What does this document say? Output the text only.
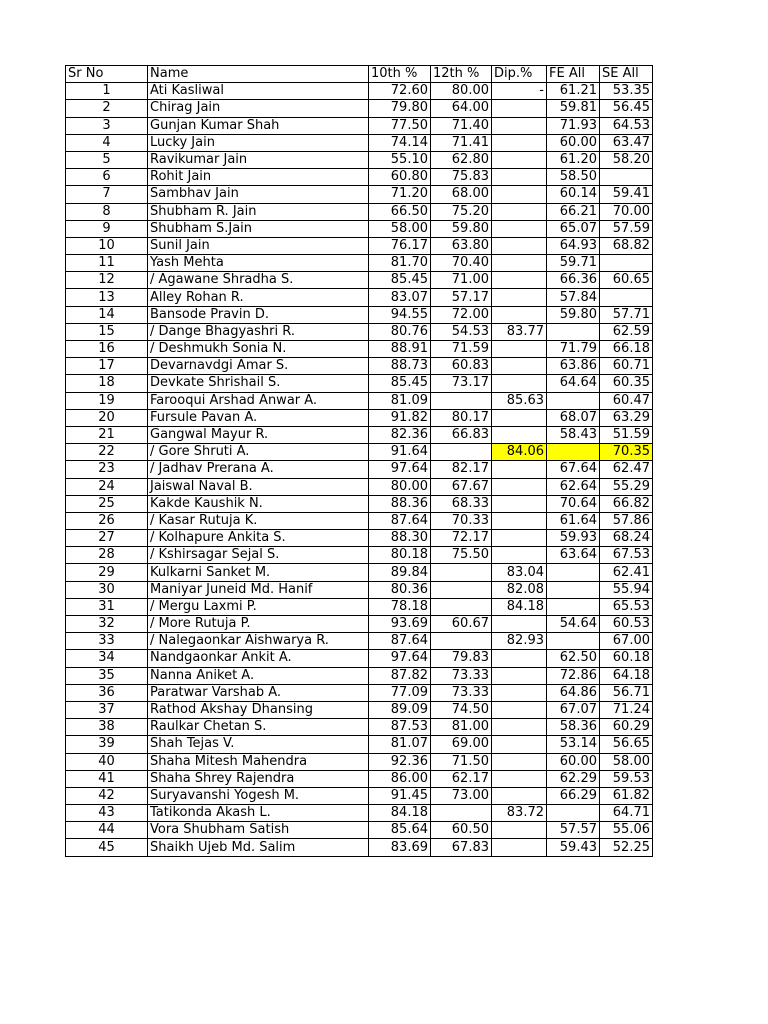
Sr No	Name	10th %	12th %	Dip.%	FE All	SE All
1	Ati Kasliwal	72.60	80.00	-	61.21	53.35
2	Chirag Jain	79.80	64.00		59.81	56.45
3	Gunjan Kumar Shah	77.50	71.40		71.93	64.53
4	Lucky Jain	74.14	71.41		60.00	63.47
5	Ravikumar Jain	55.10	62.80		61.20	58.20
6	Rohit Jain	60.80	75.83		58.50	
7	Sambhav Jain	71.20	68.00		60.14	59.41
8	Shubham R. Jain	66.50	75.20		66.21	70.00
9	Shubham S.Jain	58.00	59.80		65.07	57.59
10	Sunil Jain	76.17	63.80		64.93	68.82
11	Yash Mehta	81.70	70.40		59.71	
12	/ Agawane Shradha S.	85.45	71.00		66.36	60.65
13	Alley Rohan R.	83.07	57.17		57.84	
14	Bansode Pravin D.	94.55	72.00		59.80	57.71
15	/ Dange Bhagyashri R.	80.76	54.53	83.77		62.59
16	/ Deshmukh Sonia N.	88.91	71.59		71.79	66.18
17	Devarnavdgi Amar S.	88.73	60.83		63.86	60.71
18	Devkate Shrishail S.	85.45	73.17		64.64	60.35
19	Farooqui Arshad Anwar A.	81.09		85.63		60.47
20	Fursule Pavan A.	91.82	80.17		68.07	63.29
21	Gangwal Mayur R.	82.36	66.83		58.43	51.59
22	/ Gore Shruti A.	91.64		84.06		70.35
23	/ Jadhav Prerana A.	97.64	82.17		67.64	62.47
24	Jaiswal Naval B.	80.00	67.67		62.64	55.29
25	Kakde Kaushik N.	88.36	68.33		70.64	66.82
26	/ Kasar Rutuja K.	87.64	70.33		61.64	57.86
27	/ Kolhapure Ankita S.	88.30	72.17		59.93	68.24
28	/ Kshirsagar Sejal S.	80.18	75.50		63.64	67.53
29	Kulkarni Sanket M.	89.84		83.04		62.41
30	Maniyar Juneid Md. Hanif	80.36		82.08		55.94
31	/ Mergu Laxmi P.	78.18		84.18		65.53
32	/ More Rutuja P.	93.69	60.67		54.64	60.53
33	/ Nalegaonkar Aishwarya R.	87.64		82.93		67.00
34	Nandgaonkar Ankit A.	97.64	79.83		62.50	60.18
35	Nanna Aniket A.	87.82	73.33		72.86	64.18
36	Paratwar Varshab A.	77.09	73.33		64.86	56.71
37	Rathod Akshay Dhansing	89.09	74.50		67.07	71.24
38	Raulkar Chetan S.	87.53	81.00		58.36	60.29
39	Shah Tejas V.	81.07	69.00		53.14	56.65
40	Shaha Mitesh Mahendra	92.36	71.50		60.00	58.00
41	Shaha Shrey Rajendra	86.00	62.17		62.29	59.53
42	Suryavanshi Yogesh M.	91.45	73.00		66.29	61.82
43	Tatikonda Akash L.	84.18		83.72		64.71
44	Vora Shubham Satish	85.64	60.50		57.57	55.06
45	Shaikh Ujeb Md. Salim	83.69	67.83		59.43	52.25
